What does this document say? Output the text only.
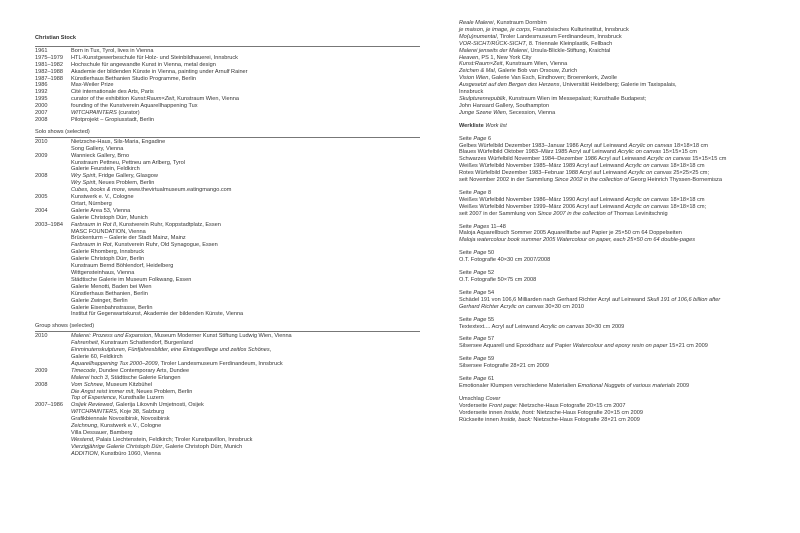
Christian Stock
1961	Born in Tux, Tyrol, lives in Vienna
1975–1979	HTL-Kunstgewerbeschule für Holz- und Steinbildhauerei, Innsbruck
1981–1982	Hochschule für angewandte Kunst in Vienna, metal design
1982–1988	Akademie der bildenden Künste in Vienna, painting under Arnulf Rainer
1987–1988	Künstlerhaus Bethanien Studio Programme, Berlin
1986	Max-Weiler Prize
1992	Cité internationale des Arts, Paris
1995	curator of the exhibition Kunst:Raum×Zeit, Kunstraum Wien, Vienna
2000	founding of the Kunstverein Aquarellhappening Tux
2007	WITCHPAINTERS (curator)
2008	Pilotprojekt – Gropiusstadt, Berlin
Solo shows (selected)
2010	Nietzsche-Haus, Sils-Maria, Engadine
Song Gallery, Vienna
2009	Wannieck Gallery, Brno
Kunstraum Pettneu, Pettneu am Arlberg, Tyrol
Galerie Feurstein, Feldkirch
2008	Wry Spirit, Fridge Gallery, Glasgow
Wry Spirit, Neues Problem, Berlin
Cubes, books & more, www.thevirtualmuseum.eatingmango.com
2005	Kunstwerk e. V., Cologne
Ortart, Nürnberg
2004	Galerie Area 53, Vienna
Galerie Christoph Dürr, Munich
2003–1984	Farbraum in Rot II, Kunstverein Ruhr, Koppstadtplatz, Essen
MASC FOUNDATION, Vienna
Brückenturm – Galerie der Stadt Mainz, Mainz
Farbraum in Rot, Kunstverein Ruhr, Old Synagogue, Essen
Galerie Rhomberg, Innsbruck
Galerie Christoph Dürr, Berlin
Kunstraum Bernd Böhlendorf, Heidelberg
Wittgensteinhaus, Vienna
Städtische Galerie im Museum Folkwang, Essen
Galerie Menotti, Baden bei Wien
Künstlerhaus Bethanien, Berlin
Galerie Zwinger, Berlin
Galerie Eisenbahnstrasse, Berlin
Institut für Gegenwartskunst, Akademie der bildenden Künste, Vienna
Group shows (selected)
2010	Malerei: Prozess und Expansion, Museum Moderner Kunst Stiftung Ludwig Wien, Vienna
Fahrenheit, Kunstraum Schattendorf, Burgenland
Einminutenskulpturen, Fünfjahresbilder, eine Eintagesfliege und zeitlos Schönes,
Galerie 60, Feldkirch
Aquarellhappening Tux 2000–2009, Tiroler Landesmuseum Ferdinandeum, Innsbruck
2009	Timecode, Dundee Contemporary Arts, Dundee
Malerei hoch 3, Städtische Galerie Erlangen
2008	Vom Schnee, Museum Kitzbühel
Die Angst reist immer mit, Neues Problem, Berlin
Top of Experience, Kunsthalle Luzern
2007–1986	Osijek Reviewed, Galerija Likovnih Umjetnosti, Osijek
WITCHPAINTERS, Koje 38, Salzburg
Grafikbiennale Novosibirsk, Novosibirsk
Zeichnung, Kunstwerk e.V., Cologne
Villa Dessauer, Bamberg
Westend, Palais Liechtenstein, Feldkirch; Tiroler Kunstpavillon, Innsbruck
Vierzigjährige Galerie Christoph Dürr, Galerie Christoph Dürr, Munich
ADDITION, Kunstbüro 1060, Vienna
Reale Malerei, Kunstraum Dornbirn
je maison, je image, je corps, Französisches Kulturinstitut, Innsbruck
Mo(u)numental, Tiroler Landesmuseum Ferdinandeum, Innsbruck
VOR-SICHT/RÜCK-SICHT, 8. Triennale Kleinplastik, Fellbach
Malerei jenseits der Malerei, Ursula-Blickle-Stiftung, Kraichtal
Heaven, PS 1, New York City
Kunst:Raum×Zeit, Kunstraum Wien, Vienna
Zeichen & Mal, Galerie Bob van Orsouw, Zurich
Vision Wien, Galerie Van Esch, Eindhoven; Broerenkerk, Zwolle
Ausgesetzt auf den Bergen des Herzens, Universität Heidelberg; Galerie im Taxispalais,
Innsbruck
Skulpturenrepublik, Kunstraum Wien im Messepalast; Kunsthalle Budapest;
John Hansard Gallery, Southampton
Junge Szene Wien, Secession, Vienna
Werkliste Work list
Seite Page 6
Gelbes Würfelbild Dezember 1983–Januar 1986 Acryl auf Leinwand Acrylic on canvas 18×18×18 cm
Blaues Würfelbild Oktober 1983–März 1985 Acryl auf Leinwand Acrylic on canvas 15×15×15 cm
Schwarzes Würfelbild November 1984–Dezember 1986 Acryl auf Leinwand Acrylic on canvas 15×15×15 cm
Weißes Würfelbild November 1985–März 1989 Acryl auf Leinwand Acrylic on canvas 18×18×18 cm
Rotes Würfelbild Dezember 1983–Februar 1988 Acryl auf Leinwand Acrylic on canvas 25×25×25 cm;
seit November 2002 in der Sammlung Since 2002 in the collection of Georg Heinrich Thyssen-Bornemisza
Seite Page 8
Weißes Würfelbild November 1986–März 1990 Acryl auf Leinwand Acrylic on canvas 18×18×18 cm
Weißes Würfelbild November 1999–März 2006 Acryl auf Leinwand Acrylic on canvas 18×18×18 cm;
seit 2007 in der Sammlung von Since 2007 in the collection of Thomas Levinitschnig
Seite Pages 11–48
Maloja Aquarellbuch Sommer 2005 Aquarellfarbe auf Papier je 25×50 cm 64 Doppelseiten
Maloja watercolour book summer 2005 Watercolour on paper, each 25×50 cm 64 double-pages
Seite Page 50
O.T. Fotografie 40×30 cm 2007/2008
Seite Page 52
O.T. Fotografie 50×75 cm 2008
Seite Page 54
Schädel 191 von 106,6 Milliarden nach Gerhard Richter Acryl auf Leinwand Skull 191 of 106,6 billion after
Gerhard Richter Acrylic on canvas 30×30 cm 2010
Seite Page 55
Textextext.... Acryl auf Leinwand Acrylic on canvas 30×30 cm 2009
Seite Page 57
Silsersee Aquarell und Epoxidharz auf Papier Watercolour and epoxy resin on paper 15×21 cm 2009
Seite Page 59
Silsersee Fotografie 28×21 cm 2009
Seite Page 61
Emotionaler Klumpen verschiedene Materialien Emotional Nuggets of various materials 2009
Umschlag Cover
Vorderseite Front page: Nietzsche-Haus Fotografie 20×15 cm 2007
Vorderseite innen Inside, front: Nietzsche-Haus Fotografie 20×15 cm 2009
Rückseite innen Inside, back: Nietzsche-Haus Fotografie 28×21 cm 2009
